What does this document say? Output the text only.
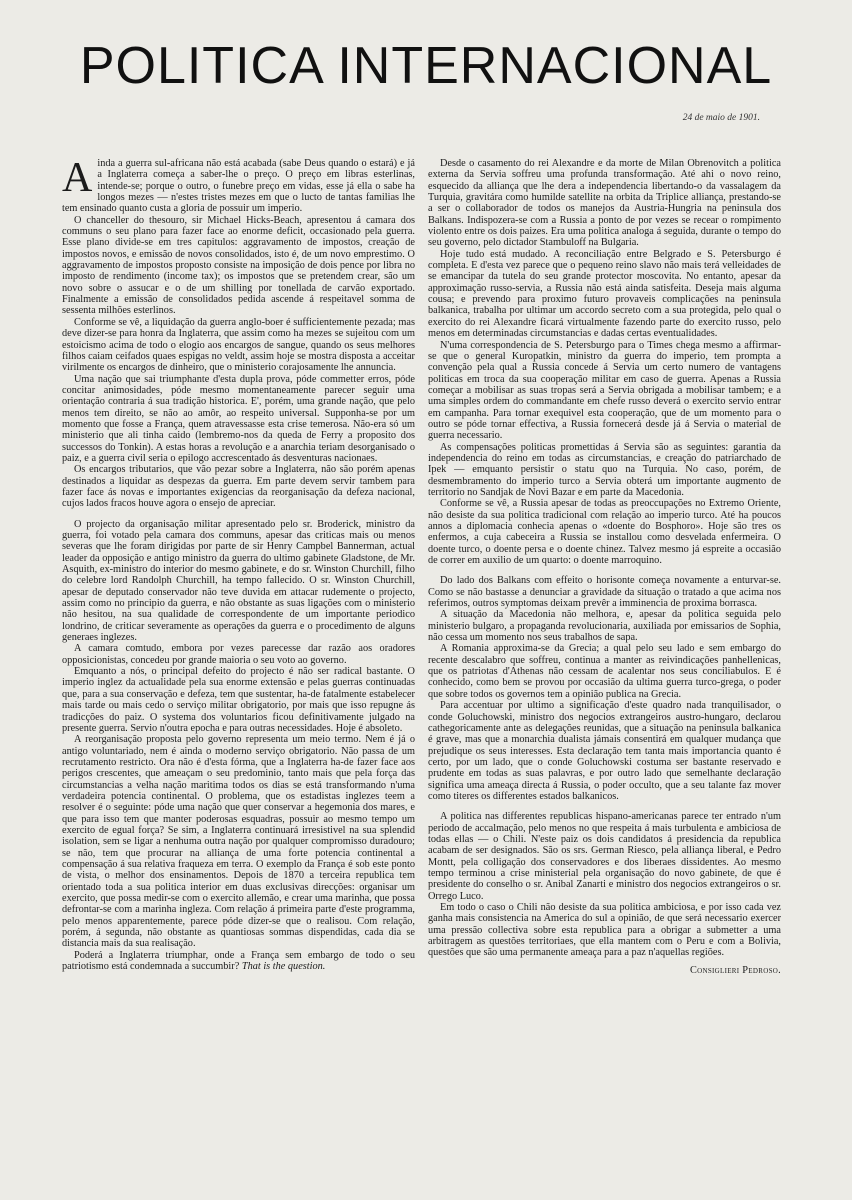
POLITICA INTERNACIONAL
24 de maio de 1901.

Ainda a guerra sul-africana não está acabada (sabe Deus quando o estará) e já a Inglaterra começa a saber-lhe o preço. O preço em libras esterlinas, intende-se; porque o outro, o funebre preço em vidas, esse já ella o sabe ha longos mezes — n'estes tristes mezes em que o lucto de tantas familias lhe tem ensinado quanto custa a gloria de possuir um imperio.

O chanceller do thesouro, sir Michael Hicks-Beach, apresentou á camara dos communs o seu plano para fazer face ao enorme deficit, occasionado pela guerra. Esse plano divide-se em tres capitulos: aggravamento de impostos, creação de impostos novos, e emissão de novos consolidados, isto é, de um novo emprestimo. O aggravamento de impostos proposto consiste na imposição de dois pence por libra no imposto de rendimento (income tax); os impostos que se pretendem crear, são um novo sobre o assucar e o de um shilling por tonellada de carvão exportado. Finalmente a emissão de consolidados pedida ascende á respeitavel somma de sessenta milhões esterlinos.

Conforme se vê, a liquidação da guerra anglo-boer é sufficientemente pezada; mas deve dizer-se para honra da Inglaterra, que assim como ha mezes se sujeitou com um estoicismo acima de todo o elogio aos encargos de sangue, quando os seus melhores filhos caiam ceifados quaes espigas no veldt, assim hoje se mostra disposta a acceitar virilmente os encargos de dinheiro, que o ministerio corajosamente lhe annuncia.

Uma nação que sai triumphante d'esta dupla prova, póde commetter erros, póde concitar animosidades, póde mesmo momentaneamente parecer seguir uma orientação contraria á sua tradição historica. E', porém, uma grande nação, que pelo menos tem direito, se não ao amôr, ao respeito universal. Supponha-se por um momento que fosse a França, quem atravessasse esta crise temerosa. Não-era só um ministerio que ali tinha caido (lembremo-nos da queda de Ferry a proposito dos successos do Tonkin). A estas horas a revolução e a anarchia teriam desorganisado o paiz, e a guerra civil seria o epilogo accrescentado ás desventuras nacionaes.

Os encargos tributarios, que vão pezar sobre a Inglaterra, não são porém apenas destinados a liquidar as despezas da guerra. Em parte devem servir tambem para fazer face ás novas e importantes exigencias da reorganisação da defeza nacional, cujos lados fracos houve agora o ensejo de apreciar.

O projecto da organisação militar apresentado pelo sr. Broderick, ministro da guerra, foi votado pela camara dos communs, apesar das criticas mais ou menos severas que lhe foram dirigidas por parte de sir Henry Campbel Bannerman, actual leader da opposição e antigo ministro da guerra do ultimo gabinete Gladstone, de Mr. Asquith, ex-ministro do interior do mesmo gabinete, e do sr. Winston Churchill, filho do celebre lord Randolph Churchill, ha tempo fallecido. O sr. Winston Churchill, apesar de deputado conservador não teve duvida em attacar rudemente o projecto, assim como no principio da guerra, e não obstante as suas ligações com o ministerio não hesitou, na sua qualidade de correspondente de um importante periodico londrino, de criticar severamente as operações da guerra e o procedimento de alguns generaes inglezes.

A camara comtudo, embora por vezes parecesse dar razão aos oradores opposicionistas, concedeu por grande maioria o seu voto ao governo.

Emquanto a nós, o principal defeito do projecto é não ser radical bastante. O imperio inglez da actualidade pela sua enorme extensão e pelas guerras continuadas que, para a sua conservação e defeza, tem que sustentar, ha-de fatalmente estabelecer mais tarde ou mais cedo o serviço militar obrigatorio, por mais que isso repugne ás tradicções do paiz. O systema dos voluntarios ficou definitivamente julgado na presente guerra. Servio n'outra epocha e para outras necessidades. Hoje é absoleto.

A reorganisação proposta pelo governo representa um meio termo. Nem é já o antigo voluntariado, nem é ainda o moderno serviço obrigatorio. Não passa de um recrutamento restricto. Ora não é d'esta fórma, que a Inglaterra ha-de fazer face aos perigos crescentes, que ameaçam o seu predominio, tanto mais que pela força das circumstancias a velha nação maritima todos os dias se está transformando n'uma verdadeira potencia continental. O problema, que os estadistas inglezes teem a resolver é o seguinte: póde uma nação que quer conservar a hegemonia dos mares, e que para isso tem que manter poderosas esquadras, possuir ao mesmo tempo um exercito de egual força? Se sim, a Inglaterra continuará irresistivel na sua splendid isolation, sem se ligar a nenhuma outra nação por qualquer compromisso duradouro; se não, tem que procurar na alliança de uma forte potencia continental a compensação á sua relativa fraqueza em terra. O exemplo da França é sob este ponto de vista, o melhor dos ensinamentos. Depois de 1870 a terceira republica tem orientado toda a sua politica interior em duas exclusivas direcções: organisar um exercito, que possa medir-se com o exercito allemão, e crear uma marinha, que possa defrontar-se com a marinha ingleza. Com relação á primeira parte d'este programma, pelo menos apparentemente, parece póde dizer-se que o realisou. Com relação, porém, á segunda, não obstante as quantiosas sommas dispendidas, cada dia se distancia mais da sua realisação.

Poderá a Inglaterra triumphar, onde a França sem embargo de todo o seu patriotismo está condemnada a succumbir? That is the question.

Desde o casamento do rei Alexandre e da morte de Milan Obrenovitch a politica externa da Servia soffreu uma profunda transformação. Até ahi o novo reino, esquecido da alliança que lhe dera a independencia libertando-o da vassalagem da Turquia, gravitára como humilde satellite na orbita da Triplice alliança, prestando-se a ser o collaborador de todos os manejos da Austria-Hungria na peninsula dos Balkans. Indispozera-se com a Russia a ponto de por vezes se recear o rompimento violento entre os dois paizes. Era uma politica analoga á seguida, durante o tempo do seu governo, pelo dictador Stambuloff na Bulgaria.

Hoje tudo está mudado. A reconciliação entre Belgrado e S. Petersburgo é completa. E d'esta vez parece que o pequeno reino slavo não mais terá velleidades de se emancipar da tutela do seu grande protector moscovita. No entanto, apesar da approximação russo-servia, a Russia não está ainda satisfeita. Deseja mais alguma cousa; e prevendo para proximo futuro provaveis complicações na peninsula balkanica, trabalha por ultimar um accordo secreto com a sua protegida, pelo qual o exercito do rei Alexandre ficará virtualmente fazendo parte do exercito russo, pelo menos em determinadas circumstancias e dadas certas eventualidades.

N'uma correspondencia de S. Petersburgo para o Times chega mesmo a affirmar-se que o general Kuropatkin, ministro da guerra do imperio, tem prompta a convenção pela qual a Russia concede á Servia um certo numero de vantagens politicas em troca da sua cooperação militar em caso de guerra. Apenas a Russia começar a mobilisar as suas tropas será a Servia obrigada a mobilisar tambem; e a uma simples ordem do commandante em chefe russo deverá o exercito servio entrar em campanha. Para tornar exequivel esta cooperação, que de um momento para o outro se póde tornar effectiva, a Russia fornecerá desde já á Servia o material de guerra necessario.

As compensações politicas promettidas á Servia são as seguintes: garantia da independencia do reino em todas as circumstancias, e creação do patriarchado de Ipek — emquanto persistir o statu quo na Turquia. No caso, porém, de desmembramento do imperio turco a Servia obterá um importante augmento de territorio no Sandjak de Novi Bazar e em parte da Macedonia.

Conforme se vê, a Russia apesar de todas as preoccupações no Extremo Oriente, não desiste da sua politica tradicional com relação ao imperio turco. Até ha poucos annos a diplomacia conhecia apenas o «doente do Bosphoro». Hoje são tres os enfermos, a cuja cabeceira a Russia se installou como desvelada enfermeira. O doente turco, o doente persa e o doente chinez. Talvez mesmo já espreite a occasião de correr em auxilio de um quarto: o doente marroquino.

Do lado dos Balkans com effeito o horisonte começa novamente a enturvar-se. Como se não bastasse a denunciar a gravidade da situação o tratado a que acima nos referimos, outros symptomas deixam prevêr a imminencia de proxima borrasca.

A situação da Macedonia não melhora, e, apesar da politica seguida pelo ministerio bulgaro, a propaganda revolucionaria, auxiliada por emissarios de Sophia, não cessa um momento nos seus trabalhos de sapa.

A Romania approxima-se da Grecia; a qual pelo seu lado e sem embargo do recente descalabro que soffreu, continua a manter as reivindicações panhellenicas, que os patriotas d'Athenas não cessam de acalentar nos seus conciliabulos. E é conhecido, como bem se provou por occasião da ultima guerra turco-grega, o poder que sobre todos os governos tem a opinião publica na Grecia.

Para accentuar por ultimo a significação d'este quadro nada tranquilisador, o conde Goluchowski, ministro dos negocios extrangeiros austro-hungaro, declarou cathegoricamente ante as delegações reunidas, que a situação na peninsula balkanica é grave, mas que a monarchia dualista jámais consentirá em qualquer mudança que prejudique os seus interesses. Esta declaração tem tanta mais importancia quanto é certo, por um lado, que o conde Goluchowski costuma ser bastante reservado e prudente em todas as suas palavras, e por outro lado que semelhante declaração significa uma ameaça directa á Russia, o poder occulto, que a seu talante faz mover como titeres os differentes estados balkanicos.

A politica nas differentes republicas hispano-americanas parece ter entrado n'um periodo de accalmação, pelo menos no que respeita á mais turbulenta e ambiciosa de todas ellas — o Chili. N'este paiz os dois candidatos á presidencia da republica acabam de ser designados. São os srs. German Riesco, pela alliança liberal, e Pedro Montt, pela colligação dos conservadores e dos liberaes dissidentes. Ao mesmo tempo terminou a crise ministerial pela organisação do novo gabinete, de que é presidente do conselho o sr. Anibal Zanarti e ministro dos negocios extrangeiros o sr. Orrego Luco.

Em todo o caso o Chili não desiste da sua politica ambiciosa, e por isso cada vez ganha mais consistencia na America do sul a opinião, de que será necessario exercer uma pressão collectiva sobre esta republica para a obrigar a submetter a uma arbitragem as questões territoriaes, que ella mantem com o Peru e com a Bolivia, questões que são uma permanente ameaça para a paz n'aquellas regiões.

Consiglieri Pedroso.
